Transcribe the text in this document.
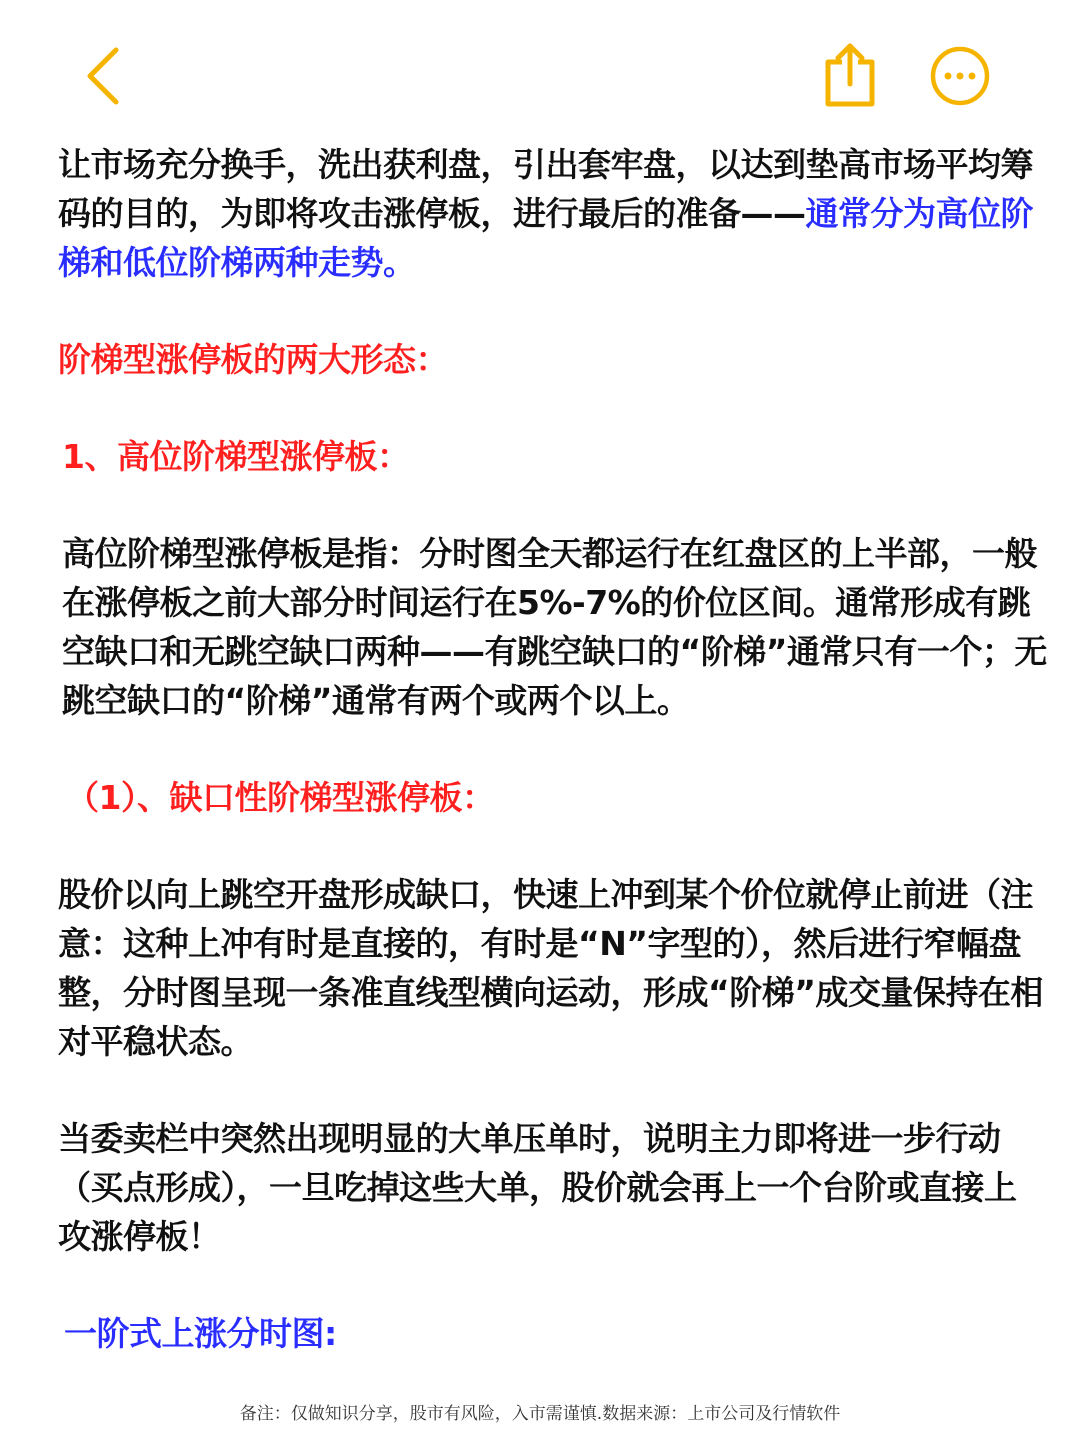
让市场充分换手，洗出获利盘，引出套牢盘，以达到垫高市场平均筹码的目的，为即将攻击涨停板，进行最后的准备——通常分为高位阶梯和低位阶梯两种走势。

阶梯型涨停板的两大形态：

1、高位阶梯型涨停板：

高位阶梯型涨停板是指：分时图全天都运行在红盘区的上半部，一般在涨停板之前大部分时间运行在5%-7%的价位区间。通常形成有跳空缺口和无跳空缺口两种——有跳空缺口的“阶梯”通常只有一个；无跳空缺口的“阶梯”通常有两个或两个以上。

（1）、缺口性阶梯型涨停板：

股价以向上跳空开盘形成缺口，快速上冲到某个价位就停止前进（注意：这种上冲有时是直接的，有时是“N”字型的），然后进行窄幅盘整，分时图呈现一条准直线型横向运动，形成“阶梯”成交量保持在相对平稳状态。

当委卖栏中突然出现明显的大单压单时，说明主力即将进一步行动（买点形成），一旦吃掉这些大单，股价就会再上一个台阶或直接上攻涨停板！

一阶式上涨分时图:

备注：仅做知识分享，股市有风险，入市需谨慎.数据来源：上市公司及行情软件
